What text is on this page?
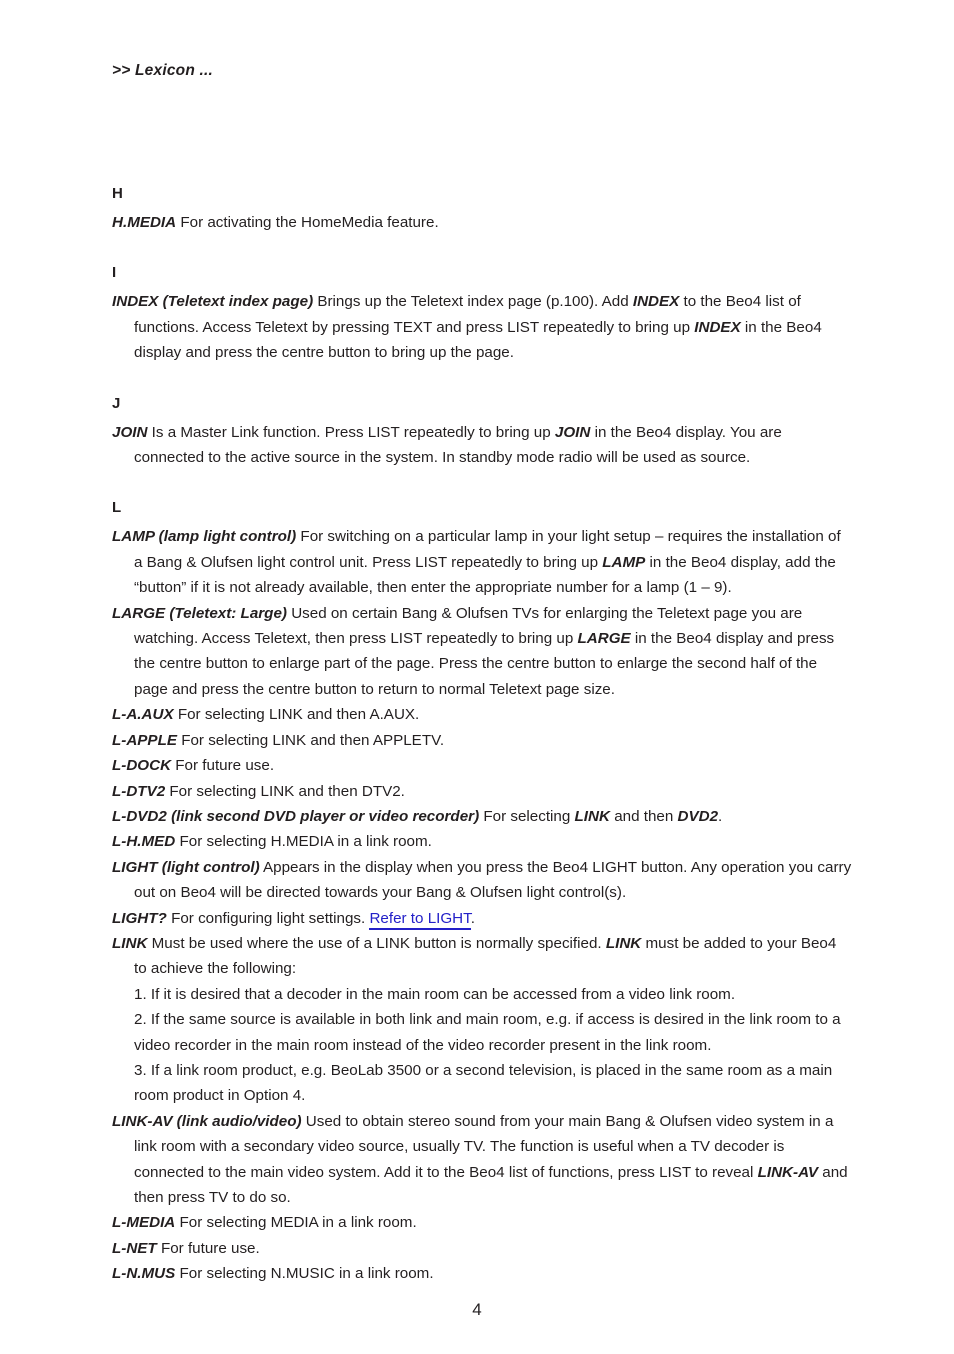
>> Lexicon ...
H

H.MEDIA For activating the HomeMedia feature.

I

INDEX (Teletext index page) Brings up the Teletext index page (p.100). Add INDEX to the Beo4 list of functions. Access Teletext by pressing TEXT and press LIST repeatedly to bring up INDEX in the Beo4 display and press the centre button to bring up the page.

J

JOIN Is a Master Link function. Press LIST repeatedly to bring up JOIN in the Beo4 display. You are connected to the active source in the system. In standby mode radio will be used as source.

L

LAMP (lamp light control) For switching on a particular lamp in your light setup – requires the installation of a Bang & Olufsen light control unit. Press LIST repeatedly to bring up LAMP in the Beo4 display, add the “button” if it is not already available, then enter the appropriate number for a lamp (1 – 9).

LARGE (Teletext: Large) Used on certain Bang & Olufsen TVs for enlarging the Teletext page you are watching. Access Teletext, then press LIST repeatedly to bring up LARGE in the Beo4 display and press the centre button to enlarge part of the page. Press the centre button to enlarge the second half of the page and press the centre button to return to normal Teletext page size.

L-A.AUX For selecting LINK and then A.AUX.

L-APPLE For selecting LINK and then APPLETV.

L-DOCK For future use.

L-DTV2 For selecting LINK and then DTV2.

L-DVD2 (link second DVD player or video recorder) For selecting LINK and then DVD2.

L-H.MED For selecting H.MEDIA in a link room.

LIGHT (light control) Appears in the display when you press the Beo4 LIGHT button. Any operation you carry out on Beo4 will be directed towards your Bang & Olufsen light control(s).

LIGHT? For configuring light settings. Refer to LIGHT.

LINK Must be used where the use of a LINK button is normally specified. LINK must be added to your Beo4 to achieve the following:

1. If it is desired that a decoder in the main room can be accessed from a video link room.
2. If the same source is available in both link and main room, e.g. if access is desired in the link room to a video recorder in the main room instead of the video recorder present in the link room.
3. If a link room product, e.g. BeoLab 3500 or a second television, is placed in the same room as a main room product in Option 4.

LINK-AV (link audio/video) Used to obtain stereo sound from your main Bang & Olufsen video system in a link room with a secondary video source, usually TV. The function is useful when a TV decoder is connected to the main video system. Add it to the Beo4 list of functions, press LIST to reveal LINK-AV and then press TV to do so.

L-MEDIA For selecting MEDIA in a link room.

L-NET For future use.

L-N.MUS For selecting N.MUSIC in a link room.

4
